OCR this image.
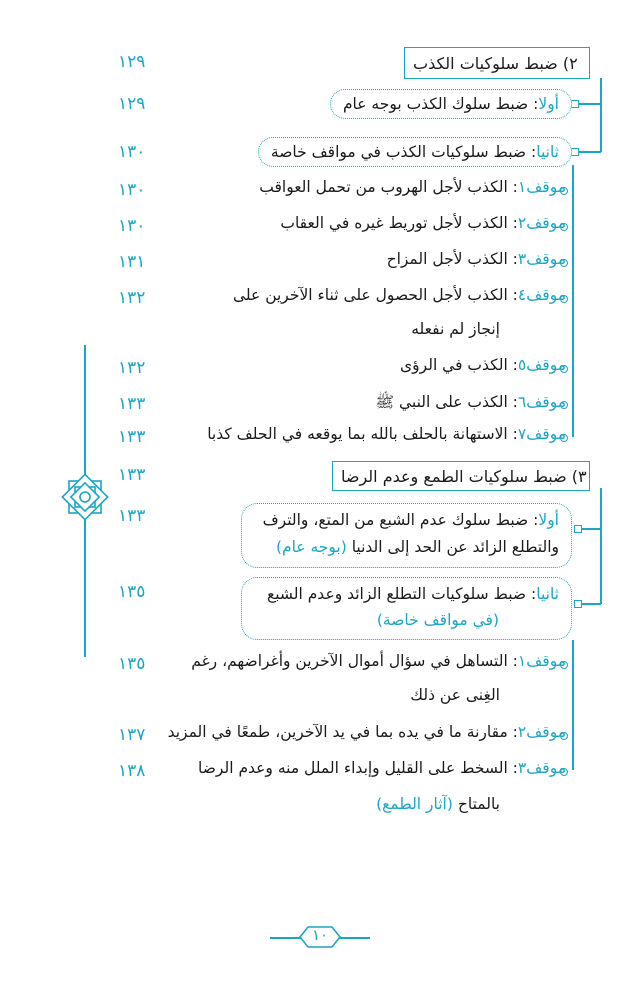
٢) ضبط سلوكيات الكذب
١٢٩
أولا: ضبط سلوك الكذب بوجه عام
١٢٩
ثانيا: ضبط سلوكيات الكذب في مواقف خاصة
١٣٠
موقف١: الكذب لأجل الهروب من تحمل العواقب
١٣٠
موقف٢: الكذب لأجل توريط غيره في العقاب
١٣٠
موقف٣: الكذب لأجل المزاح
١٣١
موقف٤: الكذب لأجل الحصول على ثناء الآخرين على
١٣٢
إنجاز لم نفعله
موقف٥: الكذب في الرؤى
١٣٢
موقف٦: الكذب على النبي ﷺ
١٣٣
موقف٧: الاستهانة بالحلف بالله بما يوقعه في الحلف كذبا
١٣٣
٣) ضبط سلوكيات الطمع وعدم الرضا
١٣٣
أولا: ضبط سلوك عدم الشبع من المتع، والترف
والتطلع الزائد عن الحد إلى الدنيا (بوجه عام)
١٣٣
ثانيا: ضبط سلوكيات التطلع الزائد وعدم الشبع
(في مواقف خاصة)
١٣٥
موقف١: التساهل في سؤال أموال الآخرين وأغراضهم، رغم
١٣٥
الغِنى عن ذلك
موقف٢: مقارنة ما في يده بما في يد الآخرين، طمعًا في المزيد
١٣٧
موقف٣: السخط على القليل وإبداء الملل منه وعدم الرضا
١٣٨
بالمتاح (آثار الطمع)
١٠
